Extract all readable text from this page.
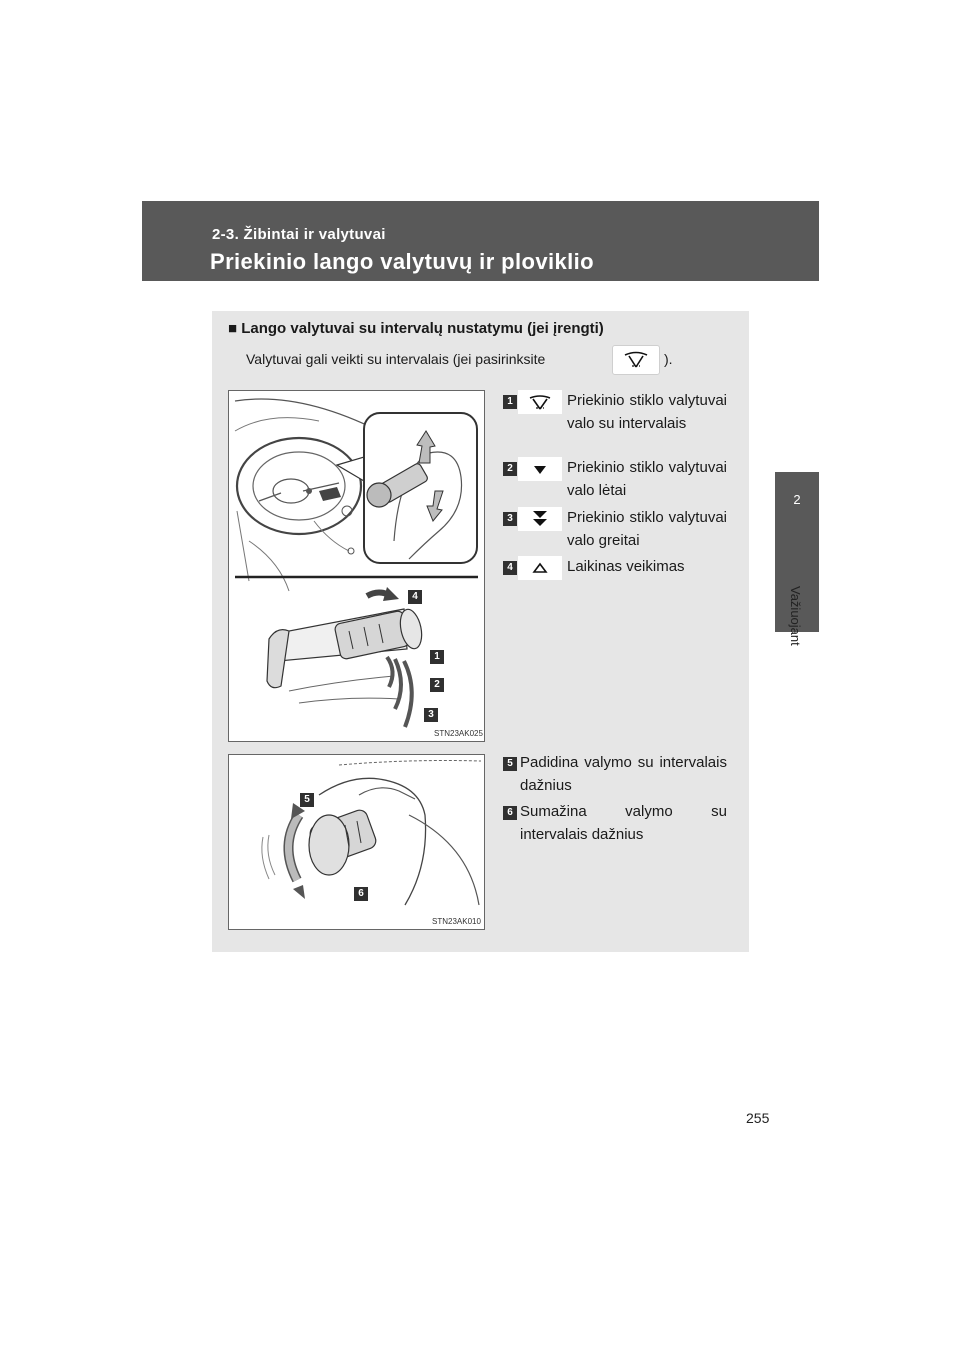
2-3. Žibintai ir valytuvai
Priekinio lango valytuvų ir ploviklio
2
Važiuojant
255
■ Lango valytuvai su intervalų nustatymu (jei įrengti)
Valytuvai gali veikti su intervalais (jei pasirinksite	).
4
1
2
3
STN23AK025
5
6
STN23AK010
1	Priekinio stiklo valytuvai valo su intervalais
2	Priekinio stiklo valytuvai valo lėtai
3	Priekinio stiklo valytuvai valo greitai
4	Laikinas veikimas
5 Padidina valymo su intervalais dažnius
6 Sumažina valymo su intervalais dažnius
